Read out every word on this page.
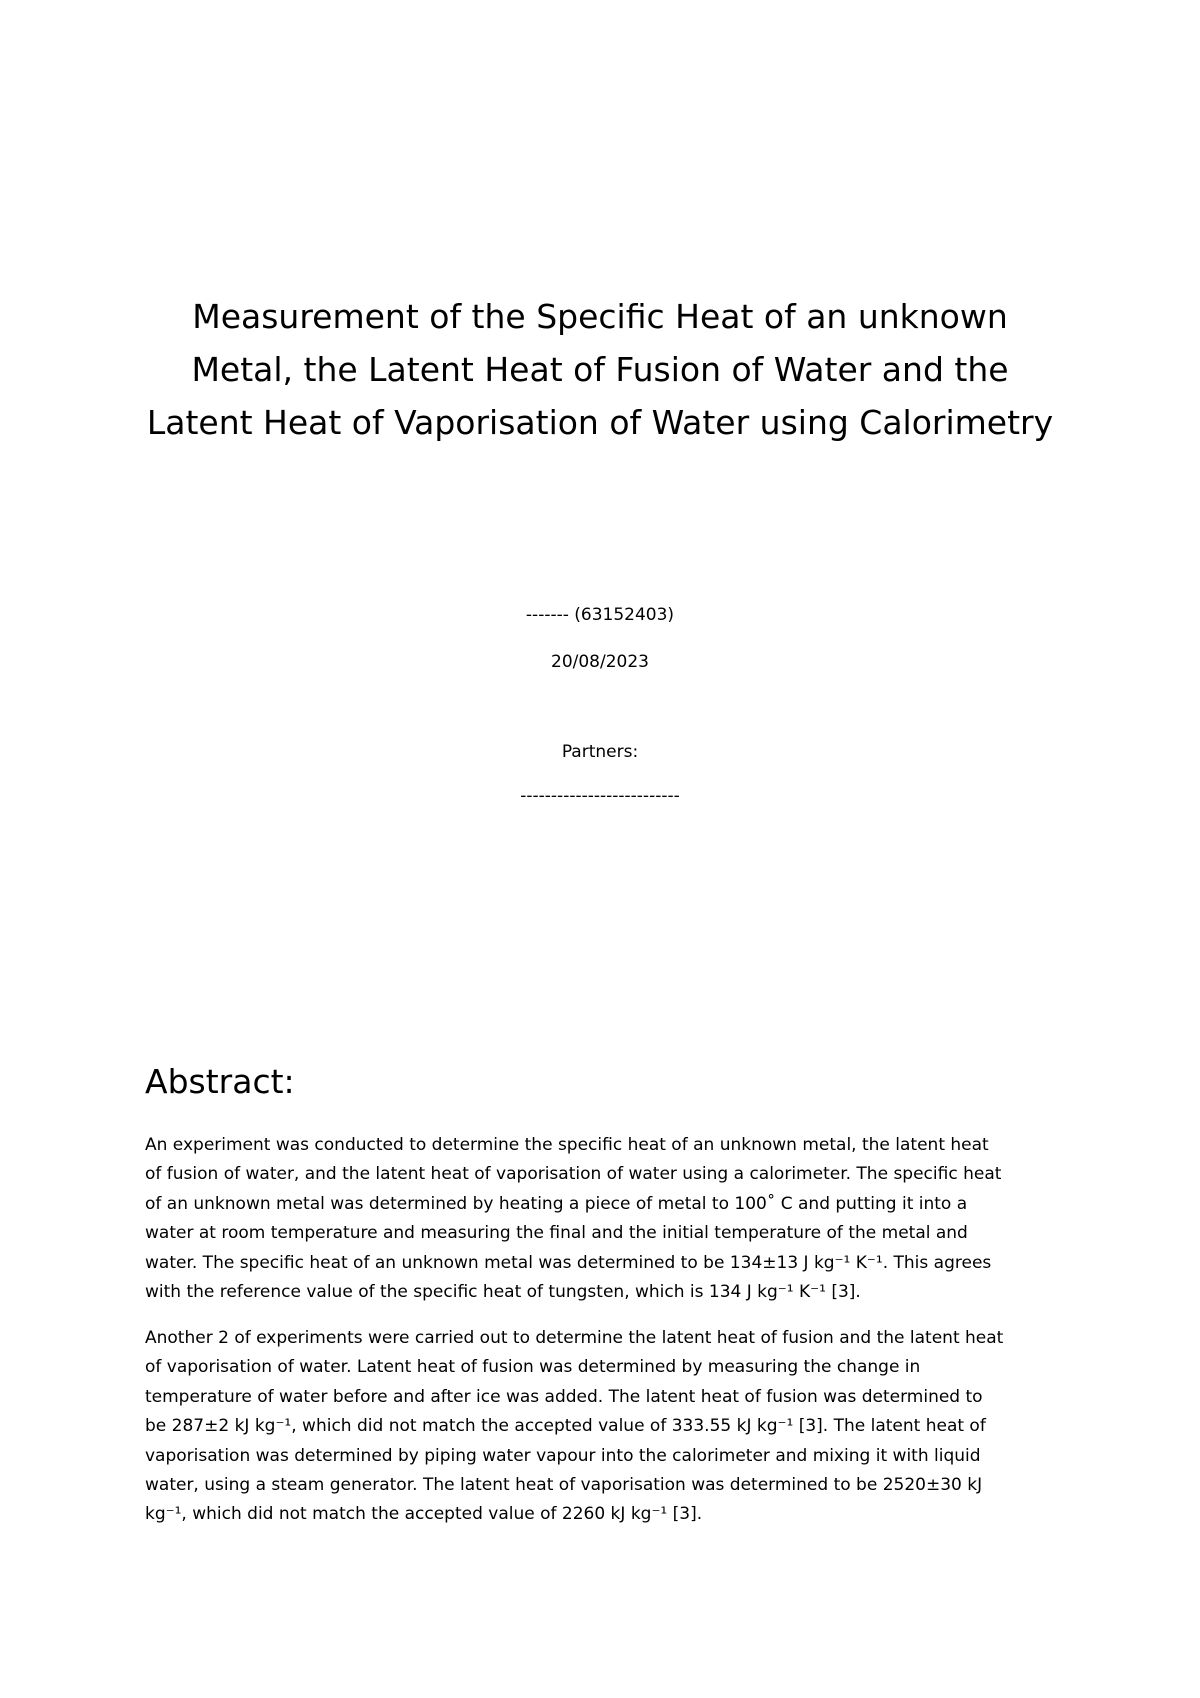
Measurement of the Specific Heat of an unknown
Metal, the Latent Heat of Fusion of Water and the
Latent Heat of Vaporisation of Water using Calorimetry

------- (63152403)

20/08/2023

Partners:

--------------------------

Abstract:

An experiment was conducted to determine the specific heat of an unknown metal, the latent heat
of fusion of water, and the latent heat of vaporisation of water using a calorimeter. The specific heat
of an unknown metal was determined by heating a piece of metal to 100˚ C and putting it into a
water at room temperature and measuring the final and the initial temperature of the metal and
water. The specific heat of an unknown metal was determined to be 134±13 J kg⁻¹ K⁻¹. This agrees
with the reference value of the specific heat of tungsten, which is 134 J kg⁻¹ K⁻¹ [3].

Another 2 of experiments were carried out to determine the latent heat of fusion and the latent heat
of vaporisation of water. Latent heat of fusion was determined by measuring the change in
temperature of water before and after ice was added. The latent heat of fusion was determined to
be 287±2 kJ kg⁻¹, which did not match the accepted value of 333.55 kJ kg⁻¹ [3]. The latent heat of
vaporisation was determined by piping water vapour into the calorimeter and mixing it with liquid
water, using a steam generator. The latent heat of vaporisation was determined to be 2520±30 kJ
kg⁻¹, which did not match the accepted value of 2260 kJ kg⁻¹ [3].
